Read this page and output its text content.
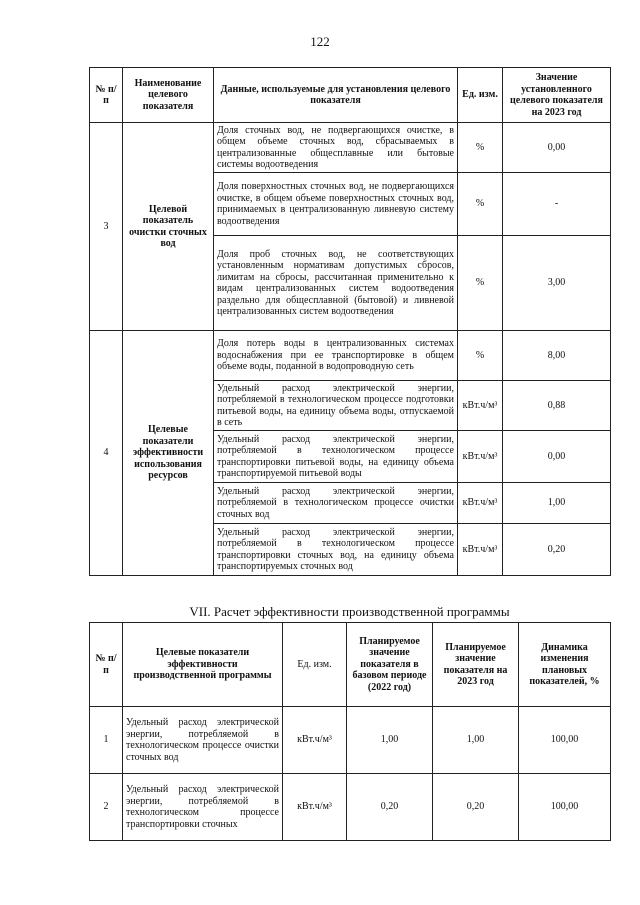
122
№ п/п	Наименование целевого показателя	Данные, используемые для установления целевого показателя	Ед. изм.	Значение установленного целевого показателя на 2023 год
3	Целевой показатель очистки сточных вод	Доля сточных вод, не подвергающихся очистке, в общем объеме сточных вод, сбрасываемых в централизованные общесплавные или бытовые системы водоотведения	%	0,00
		Доля поверхностных сточных вод, не подвергающихся очистке, в общем объеме поверхностных сточных вод, принимаемых в централизованную ливневую систему водоотведения	%	-
		Доля проб сточных вод, не соответствующих установленным нормативам допустимых сбросов, лимитам на сбросы, рассчитанная применительно к видам централизованных систем водоотведения раздельно для общесплавной (бытовой) и ливневой централизованных систем водоотведения	%	3,00
4	Целевые показатели эффективности использования ресурсов	Доля потерь воды в централизованных системах водоснабжения при ее транспортировке в общем объеме воды, поданной в водопроводную сеть	%	8,00
		Удельный расход электрической энергии, потребляемой в технологическом процессе подготовки питьевой воды, на единицу объема воды, отпускаемой в сеть	кВт.ч/м³	0,88
		Удельный расход электрической энергии, потребляемой в технологическом процессе транспортировки питьевой воды, на единицу объема транспортируемой питьевой воды	кВт.ч/м³	0,00
		Удельный расход электрической энергии, потребляемой в технологическом процессе очистки сточных вод	кВт.ч/м³	1,00
		Удельный расход электрической энергии, потребляемой в технологическом процессе транспортировки сточных вод, на единицу объема транспортируемых сточных вод	кВт.ч/м³	0,20
VII. Расчет эффективности производственной программы
№ п/п	Целевые показатели эффективности производственной программы	Ед. изм.	Планируемое значение показателя в базовом периоде (2022 год)	Планируемое значение показателя на 2023 год	Динамика изменения плановых показателей, %
1	Удельный расход электрической энергии, потребляемой в технологическом процессе очистки сточных вод	кВт.ч/м³	1,00	1,00	100,00
2	Удельный расход электрической энергии, потребляемой в технологическом процессе транспортировки сточных	кВт.ч/м³	0,20	0,20	100,00
